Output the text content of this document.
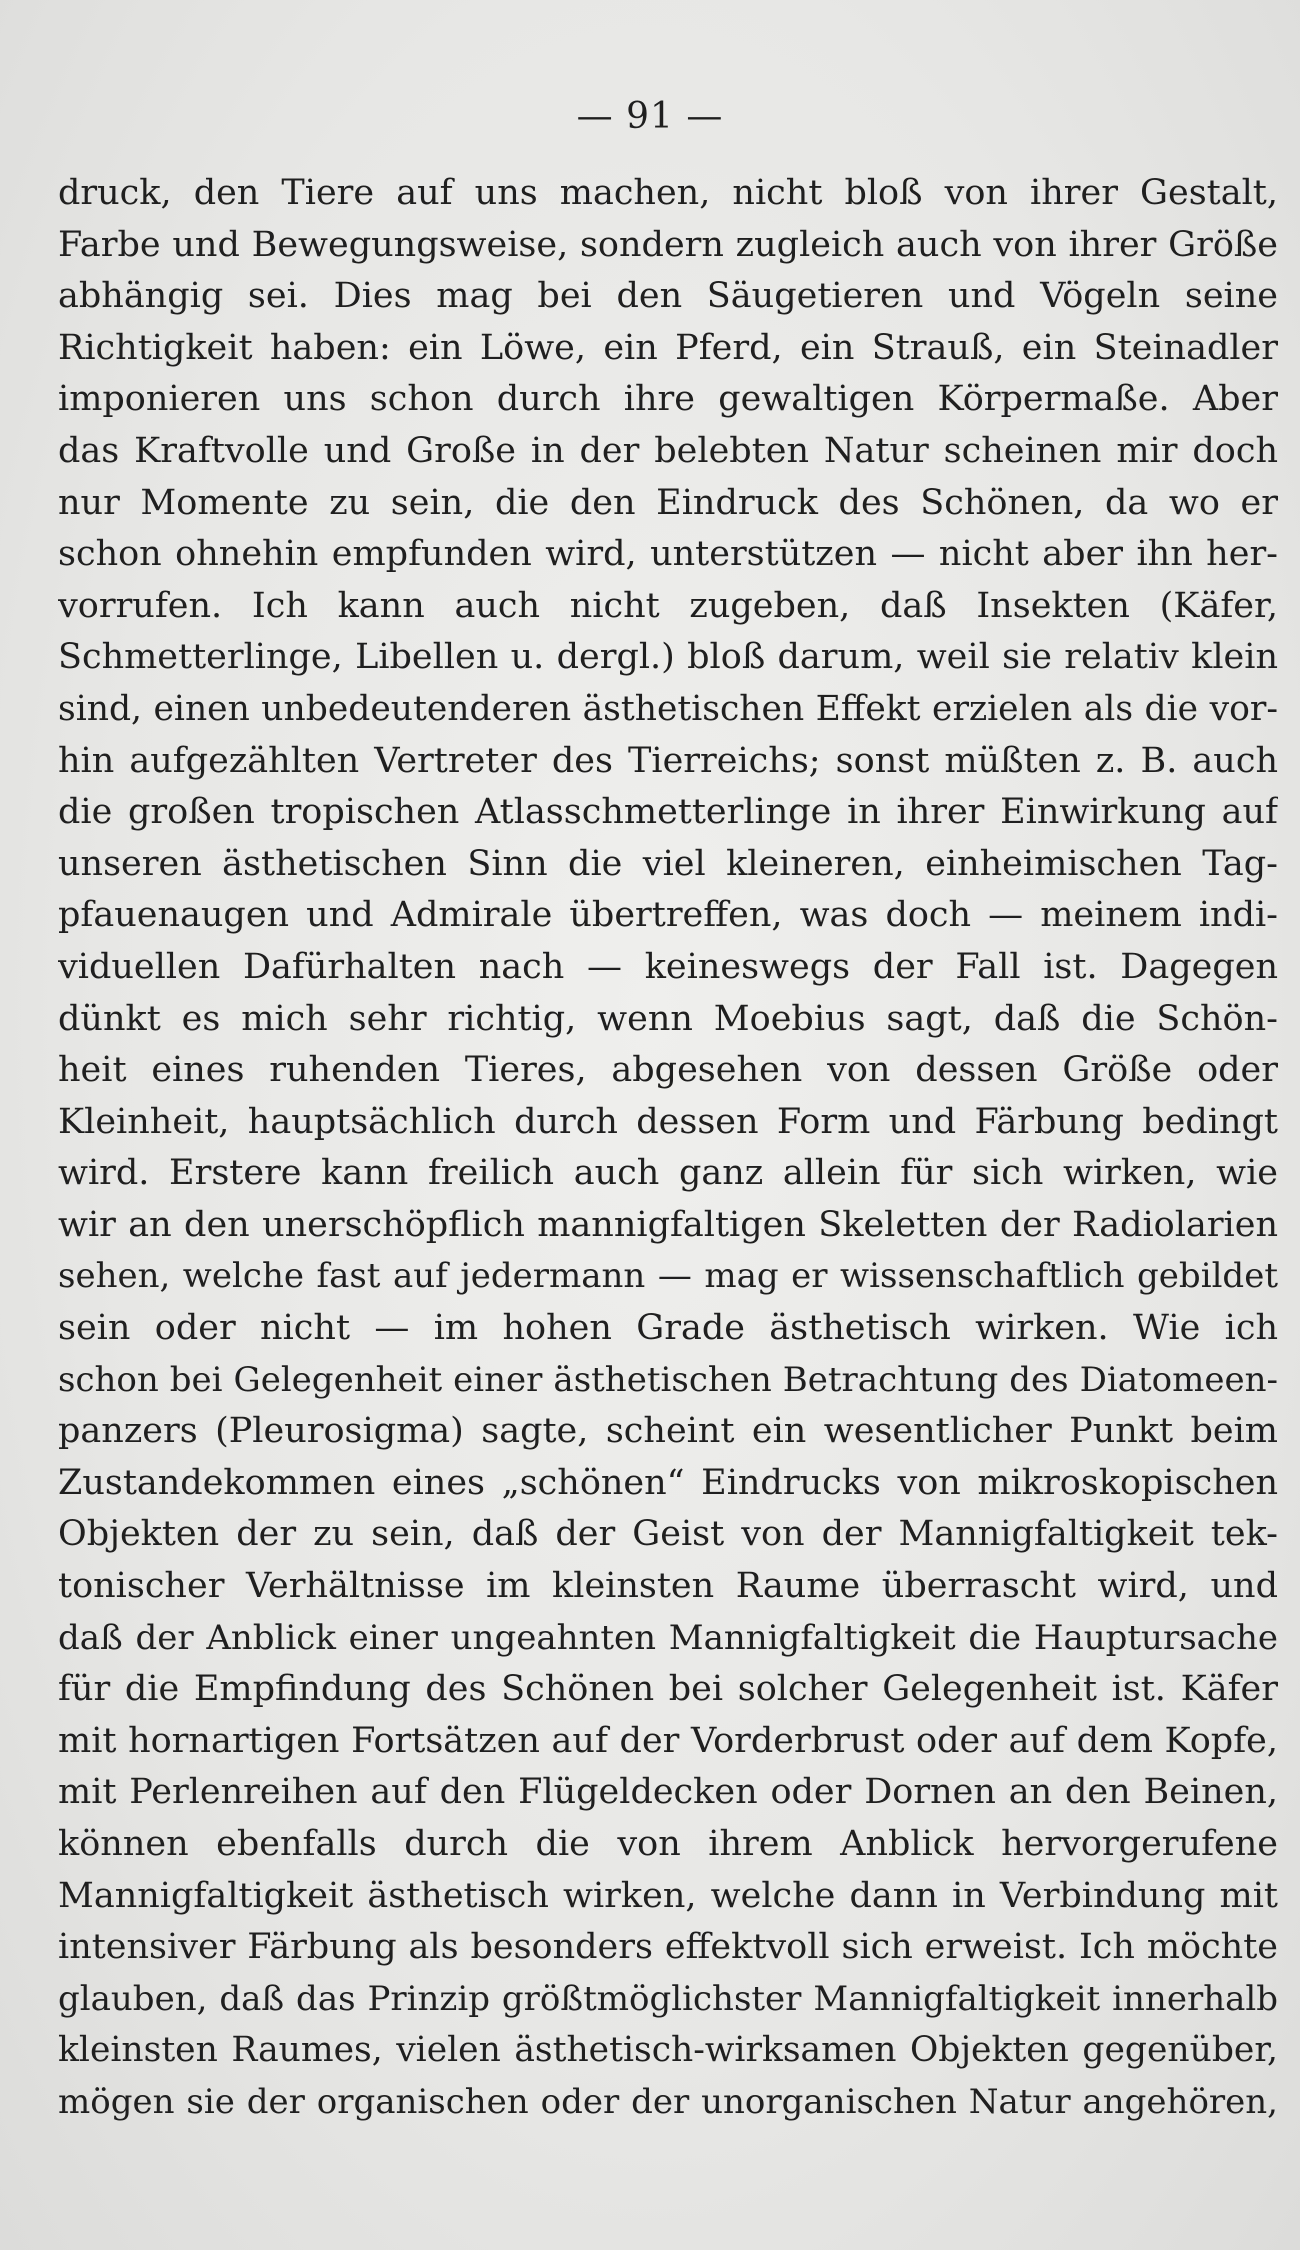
— 91 —
druck, den Tiere auf uns machen, nicht bloß von ihrer Gestalt,
Farbe und Bewegungsweise, sondern zugleich auch von ihrer Größe
abhängig sei. Dies mag bei den Säugetieren und Vögeln seine
Richtigkeit haben: ein Löwe, ein Pferd, ein Strauß, ein Steinadler
imponieren uns schon durch ihre gewaltigen Körpermaße. Aber
das Kraftvolle und Große in der belebten Natur scheinen mir doch
nur Momente zu sein, die den Eindruck des Schönen, da wo er
schon ohnehin empfunden wird, unterstützen — nicht aber ihn her-
vorrufen. Ich kann auch nicht zugeben, daß Insekten (Käfer,
Schmetterlinge, Libellen u. dergl.) bloß darum, weil sie relativ klein
sind, einen unbedeutenderen ästhetischen Effekt erzielen als die vor-
hin aufgezählten Vertreter des Tierreichs; sonst müßten z. B. auch
die großen tropischen Atlasschmetterlinge in ihrer Einwirkung auf
unseren ästhetischen Sinn die viel kleineren, einheimischen Tag-
pfauenaugen und Admirale übertreffen, was doch — meinem indi-
viduellen Dafürhalten nach — keineswegs der Fall ist. Dagegen
dünkt es mich sehr richtig, wenn Moebius sagt, daß die Schön-
heit eines ruhenden Tieres, abgesehen von dessen Größe oder
Kleinheit, hauptsächlich durch dessen Form und Färbung bedingt
wird. Erstere kann freilich auch ganz allein für sich wirken, wie
wir an den unerschöpflich mannigfaltigen Skeletten der Radiolarien
sehen, welche fast auf jedermann — mag er wissenschaftlich gebildet
sein oder nicht — im hohen Grade ästhetisch wirken. Wie ich
schon bei Gelegenheit einer ästhetischen Betrachtung des Diatomeen-
panzers (Pleurosigma) sagte, scheint ein wesentlicher Punkt beim
Zustandekommen eines „schönen“ Eindrucks von mikroskopischen
Objekten der zu sein, daß der Geist von der Mannigfaltigkeit tek-
tonischer Verhältnisse im kleinsten Raume überrascht wird, und
daß der Anblick einer ungeahnten Mannigfaltigkeit die Hauptursache
für die Empfindung des Schönen bei solcher Gelegenheit ist. Käfer
mit hornartigen Fortsätzen auf der Vorderbrust oder auf dem Kopfe,
mit Perlenreihen auf den Flügeldecken oder Dornen an den Beinen,
können ebenfalls durch die von ihrem Anblick hervorgerufene
Mannigfaltigkeit ästhetisch wirken, welche dann in Verbindung mit
intensiver Färbung als besonders effektvoll sich erweist. Ich möchte
glauben, daß das Prinzip größtmöglichster Mannigfaltigkeit innerhalb
kleinsten Raumes, vielen ästhetisch-wirksamen Objekten gegenüber,
mögen sie der organischen oder der unorganischen Natur angehören,
